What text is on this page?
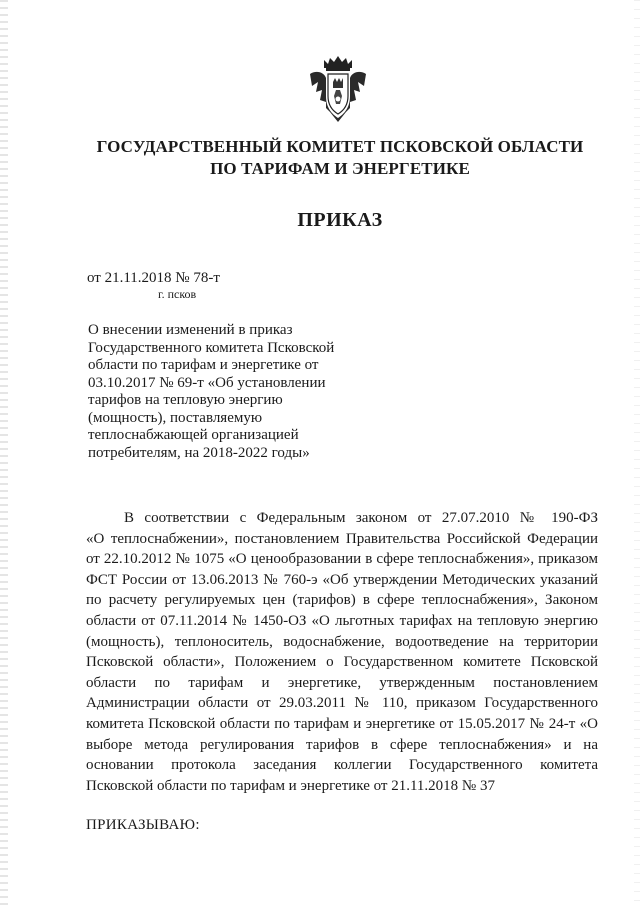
ГОСУДАРСТВЕННЫЙ КОМИТЕТ ПСКОВСКОЙ ОБЛАСТИ
ПО ТАРИФАМ И ЭНЕРГЕТИКЕ
ПРИКАЗ
от 21.11.2018 № 78-т
г. псков
О внесении изменений в приказ
Государственного комитета Псковской
области по тарифам и энергетике от
03.10.2017 № 69-т «Об установлении
тарифов на тепловую энергию
(мощность), поставляемую
теплоснабжающей организацией
потребителям, на 2018-2022 годы»
В соответствии с Федеральным законом от 27.07.2010 № 190-ФЗ
«О теплоснабжении», постановлением Правительства Российской Федерации
от 22.10.2012 № 1075 «О ценообразовании в сфере теплоснабжения», приказом
ФСТ России от 13.06.2013 № 760-э «Об утверждении Методических указаний
по расчету регулируемых цен (тарифов) в сфере теплоснабжения», Законом
области от 07.11.2014 № 1450-ОЗ «О льготных тарифах на тепловую энергию
(мощность), теплоноситель, водоснабжение, водоотведение на территории
Псковской области», Положением о Государственном комитете Псковской
области по тарифам и энергетике, утвержденным постановлением
Администрации области от 29.03.2011 № 110, приказом Государственного
комитета Псковской области по тарифам и энергетике от 15.05.2017 № 24-т «О
выборе метода регулирования тарифов в сфере теплоснабжения» и на
основании протокола заседания коллегии Государственного комитета
Псковской области по тарифам и энергетике от 21.11.2018 № 37
ПРИКАЗЫВАЮ:
